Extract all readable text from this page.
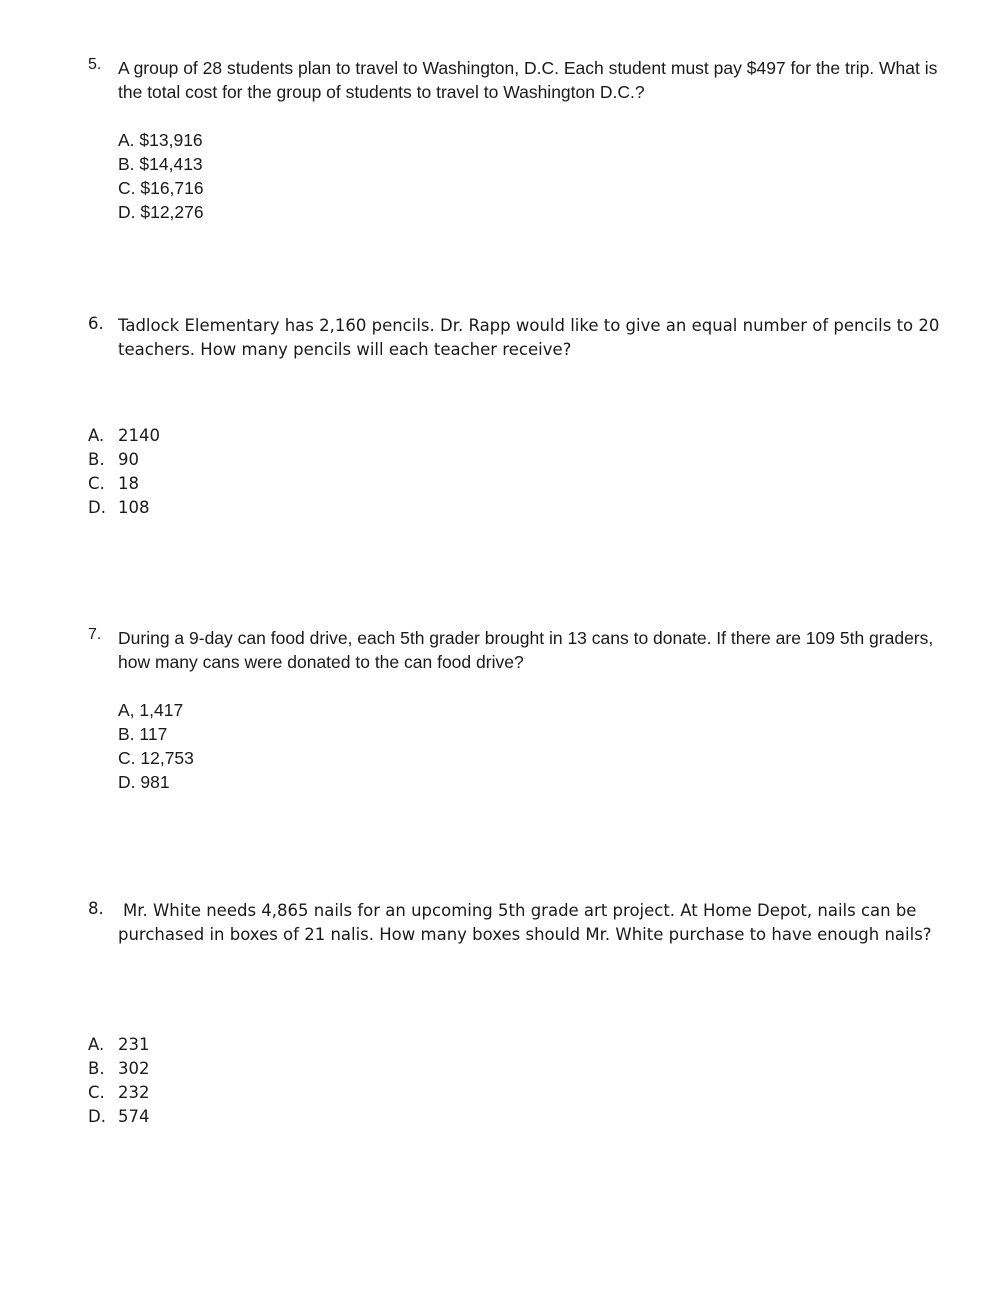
5. A group of 28 students plan to travel to Washington, D.C. Each student must pay $497 for the trip. What is the total cost for the group of students to travel to Washington D.C.?
A. $13,916
B. $14,413
C. $16,716
D. $12,276
6. Tadlock Elementary has 2,160 pencils. Dr. Rapp would like to give an equal number of pencils to 20 teachers. How many pencils will each teacher receive?
A. 2140
B. 90
C. 18
D. 108
7. During a 9-day can food drive, each 5th grader brought in 13 cans to donate. If there are 109 5th graders, how many cans were donated to the can food drive?
A, 1,417
B. 117
C. 12,753
D. 981
8.	Mr. White needs 4,865 nails for an upcoming 5th grade art project. At Home Depot, nails can be purchased in boxes of 21 nalis. How many boxes should Mr. White purchase to have enough nails?
A. 231
B. 302
C. 232
D. 574
